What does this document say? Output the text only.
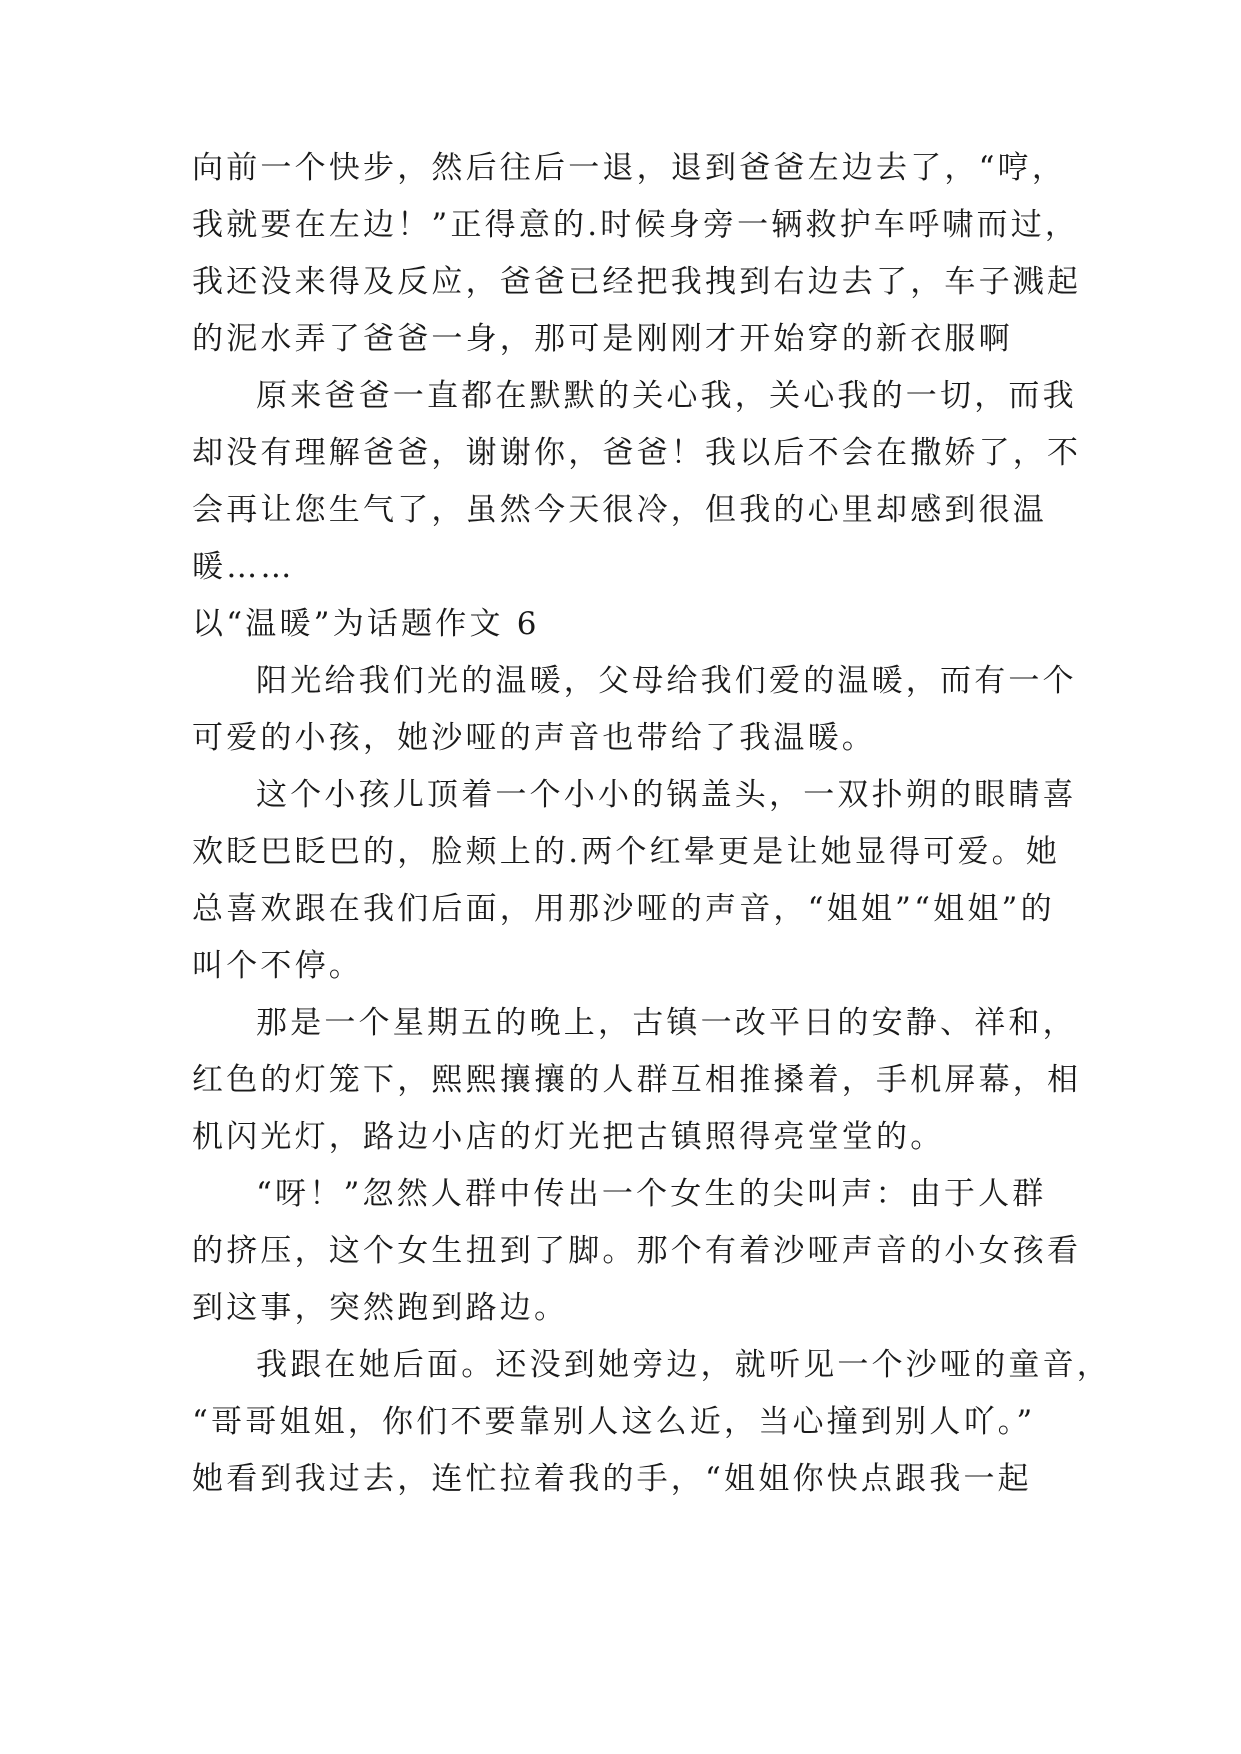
向前一个快步，然后往后一退，退到爸爸左边去了，“哼，
我就要在左边！”正得意的.时候身旁一辆救护车呼啸而过，
我还没来得及反应，爸爸已经把我拽到右边去了，车子溅起
的泥水弄了爸爸一身，那可是刚刚才开始穿的新衣服啊
原来爸爸一直都在默默的关心我，关心我的一切，而我
却没有理解爸爸，谢谢你，爸爸！我以后不会在撒娇了，不
会再让您生气了，虽然今天很冷，但我的心里却感到很温
暖……
以“温暖”为话题作文 6
阳光给我们光的温暖，父母给我们爱的温暖，而有一个
可爱的小孩，她沙哑的声音也带给了我温暖。
这个小孩儿顶着一个小小的锅盖头，一双扑朔的眼睛喜
欢眨巴眨巴的，脸颊上的.两个红晕更是让她显得可爱。她
总喜欢跟在我们后面，用那沙哑的声音，“姐姐”“姐姐”的
叫个不停。
那是一个星期五的晚上，古镇一改平日的安静、祥和，
红色的灯笼下，熙熙攘攘的人群互相推搡着，手机屏幕，相
机闪光灯，路边小店的灯光把古镇照得亮堂堂的。
“呀！”忽然人群中传出一个女生的尖叫声：由于人群
的挤压，这个女生扭到了脚。那个有着沙哑声音的小女孩看
到这事，突然跑到路边。
我跟在她后面。还没到她旁边，就听见一个沙哑的童音，
“哥哥姐姐，你们不要靠别人这么近，当心撞到别人吖。”
她看到我过去，连忙拉着我的手，“姐姐你快点跟我一起
